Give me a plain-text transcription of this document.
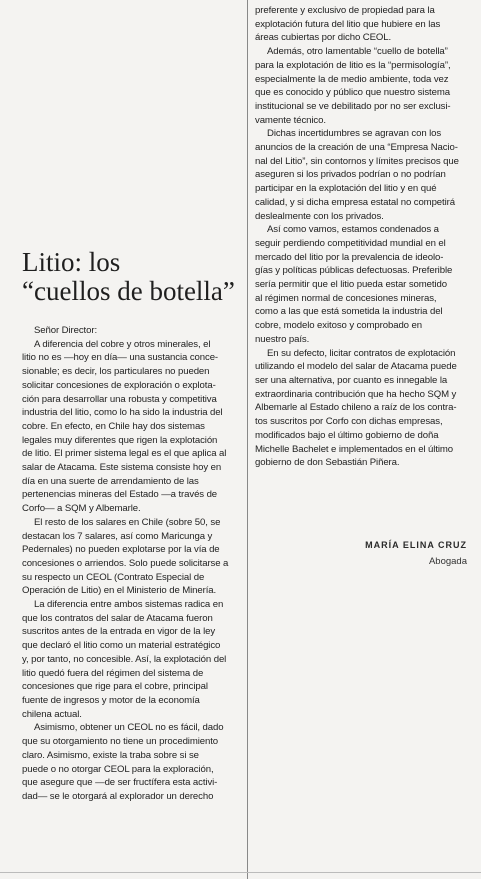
Litio: los
“cuellos de botella”

Señor Director:

A diferencia del cobre y otros minerales, el

litio no es —hoy en día— una sustancia conce-

sionable; es decir, los particulares no pueden

solicitar concesiones de exploración o explota-

ción para desarrollar una robusta y competitiva

industria del litio, como lo ha sido la industria del

cobre. En efecto, en Chile hay dos sistemas

legales muy diferentes que rigen la explotación

de litio. El primer sistema legal es el que aplica al

salar de Atacama. Este sistema consiste hoy en

día en una suerte de arrendamiento de las

pertenencias mineras del Estado —a través de

Corfo— a SQM y Albemarle.

El resto de los salares en Chile (sobre 50, se

destacan los 7 salares, así como Maricunga y

Pedernales) no pueden explotarse por la vía de

concesiones o arriendos. Solo puede solicitarse a

su respecto un CEOL (Contrato Especial de

Operación de Litio) en el Ministerio de Minería.

La diferencia entre ambos sistemas radica en

que los contratos del salar de Atacama fueron

suscritos antes de la entrada en vigor de la ley

que declaró el litio como un material estratégico

y, por tanto, no concesible. Así, la explotación del

litio quedó fuera del régimen del sistema de

concesiones que rige para el cobre, principal

fuente de ingresos y motor de la economía

chilena actual.

Asimismo, obtener un CEOL no es fácil, dado

que su otorgamiento no tiene un procedimiento

claro. Asimismo, existe la traba sobre si se

puede o no otorgar CEOL para la exploración,

que asegure que —de ser fructífera esta activi-

dad— se le otorgará al explorador un derecho

preferente y exclusivo de propiedad para la

explotación futura del litio que hubiere en las

áreas cubiertas por dicho CEOL.

Además, otro lamentable “cuello de botella”

para la explotación de litio es la “permisología”,

especialmente la de medio ambiente, toda vez

que es conocido y público que nuestro sistema

institucional se ve debilitado por no ser exclusi-

vamente técnico.

Dichas incertidumbres se agravan con los

anuncios de la creación de una “Empresa Nacio-

nal del Litio”, sin contornos y límites precisos que

aseguren si los privados podrían o no podrían

participar en la explotación del litio y en qué

calidad, y si dicha empresa estatal no competirá

deslealmente con los privados.

Así como vamos, estamos condenados a

seguir perdiendo competitividad mundial en el

mercado del litio por la prevalencia de ideolo-

gías y políticas públicas defectuosas. Preferible

sería permitir que el litio pueda estar sometido

al régimen normal de concesiones mineras,

como a las que está sometida la industria del

cobre, modelo exitoso y comprobado en

nuestro país.

En su defecto, licitar contratos de explotación

utilizando el modelo del salar de Atacama puede

ser una alternativa, por cuanto es innegable la

extraordinaria contribución que ha hecho SQM y

Albemarle al Estado chileno a raíz de los contra-

tos suscritos por Corfo con dichas empresas,

modificados bajo el último gobierno de doña

Michelle Bachelet e implementados en el último

gobierno de don Sebastián Piñera.

MARÍA ELINA CRUZ
Abogada
